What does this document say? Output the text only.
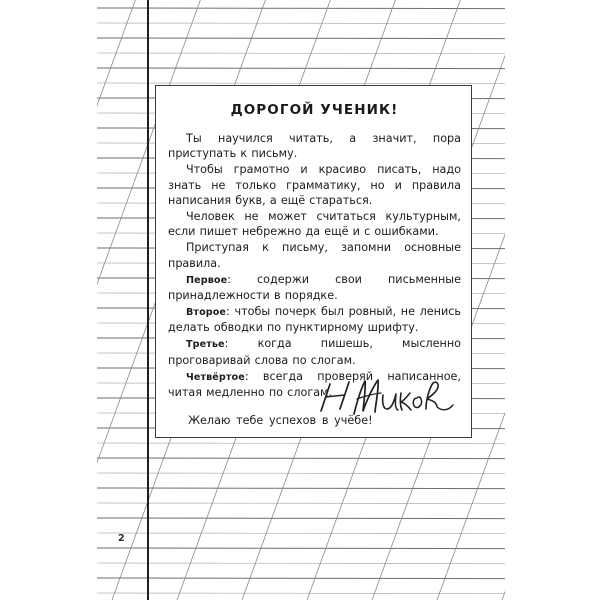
2
ДОРОГОЙ УЧЕНИК!
Ты научился читать, а значит, пора приступать к письму.
Чтобы грамотно и красиво писать, надо знать не только грамматику, но и правила написания букв, а ещё стараться.
Человек не может считаться культурным, если пишет небрежно да ещё и с ошибками.
Приступая к письму, запомни основные правила.
Первое: содержи свои письменные принадлежности в порядке.
Второе: чтобы почерк был ровный, не ленись делать обводки по пунктирному шрифту.
Третье: когда пишешь, мысленно проговаривай слова по слогам.
Четвёртое: всегда проверяй написанное, читая медленно по слогам.
Желаю тебе успехов в учёбе!
